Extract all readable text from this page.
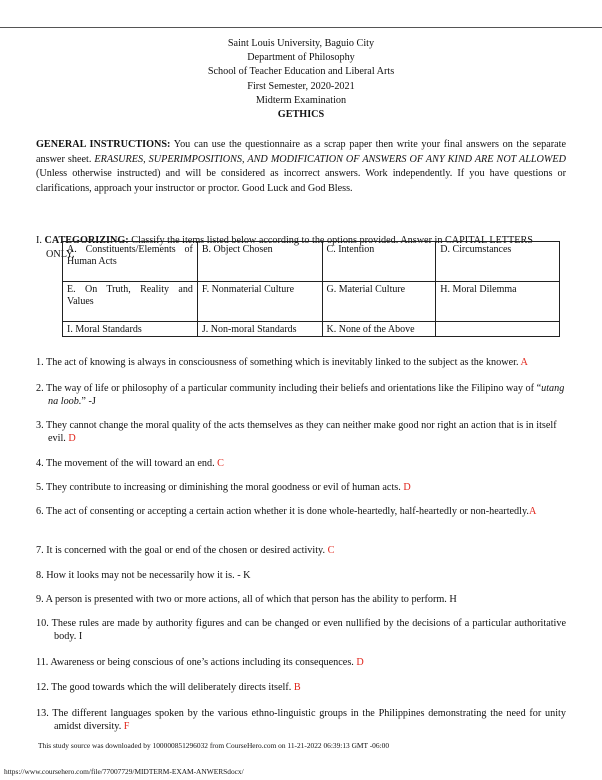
Saint Louis University, Baguio City
Department of Philosophy
School of Teacher Education and Liberal Arts
First Semester, 2020-2021
Midterm Examination
GETHICS
GENERAL INSTRUCTIONS: You can use the questionnaire as a scrap paper then write your final answers on the separate answer sheet. ERASURES, SUPERIMPOSITIONS, AND MODIFICATION OF ANSWERS OF ANY KIND ARE NOT ALLOWED (Unless otherwise instructed) and will be considered as incorrect answers. Work independently. If you have questions or clarifications, approach your instructor or proctor. Good Luck and God Bless.
I. CATEGORIZING: Classify the items listed below according to the options provided. Answer in CAPITAL LETTERS
ONLY.
A. Constituents/Elements of Human Acts	B. Object Chosen	C. Intention	D. Circumstances
E. On Truth, Reality and Values	F. Nonmaterial Culture	G. Material Culture	H. Moral Dilemma
I. Moral Standards	J. Non-moral Standards	K. None of the Above	
1. The act of knowing is always in consciousness of something which is inevitably linked to the subject as the knower. A
2. The way of life or philosophy of a particular community including their beliefs and orientations like the Filipino way of “utang na loob.” -J
3. They cannot change the moral quality of the acts themselves as they can neither make good nor right an action that is in itself evil. D
4. The movement of the will toward an end. C
5. They contribute to increasing or diminishing the moral goodness or evil of human acts. D
6. The act of consenting or accepting a certain action whether it is done whole-heartedly, half-heartedly or non-heartedly.A
7. It is concerned with the goal or end of the chosen or desired activity. C
8. How it looks may not be necessarily how it is. - K
9. A person is presented with two or more actions, all of which that person has the ability to perform. H
10. These rules are made by authority figures and can be changed or even nullified by the decisions of a particular authoritative body. I
11. Awareness or being conscious of one’s actions including its consequences. D
12. The good towards which the will deliberately directs itself. B
13. The different languages spoken by the various ethno-linguistic groups in the Philippines demonstrating the need for unity amidst diversity. F
This study source was downloaded by 100000851296032 from CourseHero.com on 11-21-2022 06:39:13 GMT -06:00
https://www.coursehero.com/file/77007729/MIDTERM-EXAM-ANWERSdocx/
